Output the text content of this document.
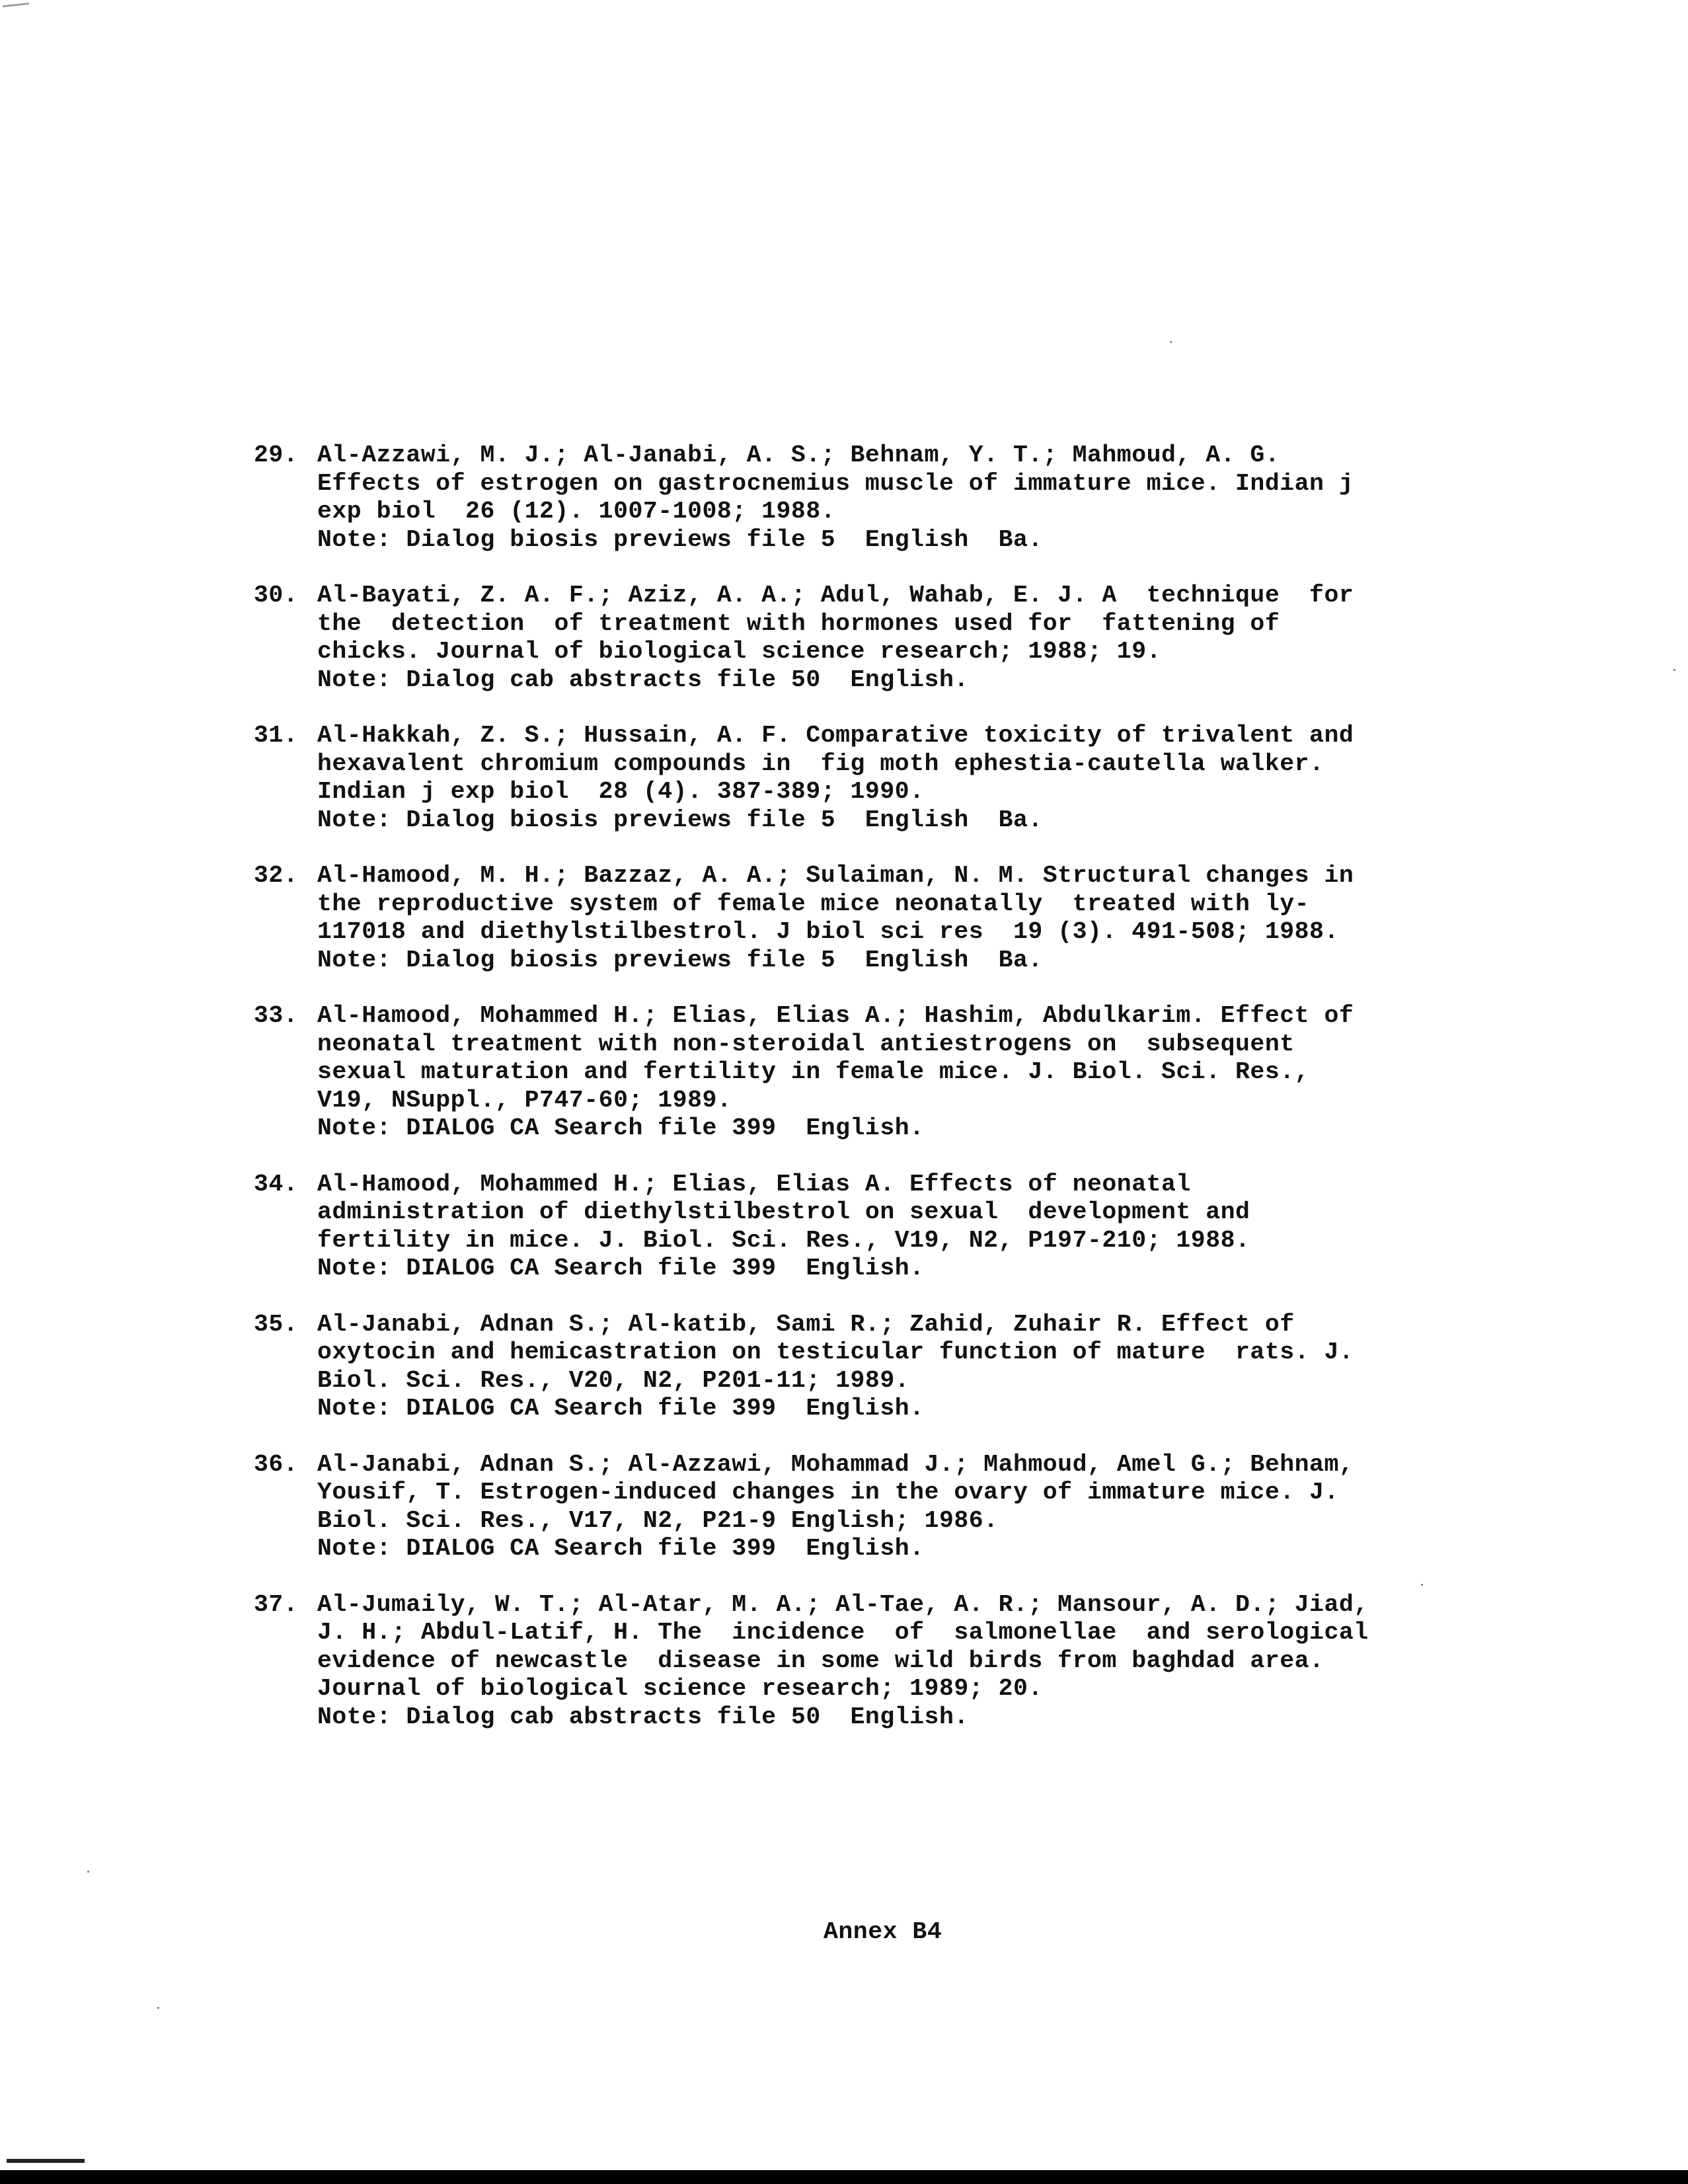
29. Al-Azzawi, M. J.; Al-Janabi, A. S.; Behnam, Y. T.; Mahmoud, A. G.
Effects of estrogen on gastrocnemius muscle of immature mice. Indian j
exp biol  26 (12). 1007-1008; 1988.
Note: Dialog biosis previews file 5  English  Ba.
30. Al-Bayati, Z. A. F.; Aziz, A. A.; Adul, Wahab, E. J. A  technique  for
the  detection  of treatment with hormones used for  fattening of
chicks. Journal of biological science research; 1988; 19.
Note: Dialog cab abstracts file 50  English.
31. Al-Hakkah, Z. S.; Hussain, A. F. Comparative toxicity of trivalent and
hexavalent chromium compounds in  fig moth ephestia-cautella walker.
Indian j exp biol  28 (4). 387-389; 1990.
Note: Dialog biosis previews file 5  English  Ba.
32. Al-Hamood, M. H.; Bazzaz, A. A.; Sulaiman, N. M. Structural changes in
the reproductive system of female mice neonatally  treated with ly-
117018 and diethylstilbestrol. J biol sci res  19 (3). 491-508; 1988.
Note: Dialog biosis previews file 5  English  Ba.
33. Al-Hamood, Mohammed H.; Elias, Elias A.; Hashim, Abdulkarim. Effect of
neonatal treatment with non-steroidal antiestrogens on  subsequent
sexual maturation and fertility in female mice. J. Biol. Sci. Res.,
V19, NSuppl., P747-60; 1989.
Note: DIALOG CA Search file 399  English.
34. Al-Hamood, Mohammed H.; Elias, Elias A. Effects of neonatal
administration of diethylstilbestrol on sexual  development and
fertility in mice. J. Biol. Sci. Res., V19, N2, P197-210; 1988.
Note: DIALOG CA Search file 399  English.
35. Al-Janabi, Adnan S.; Al-katib, Sami R.; Zahid, Zuhair R. Effect of
oxytocin and hemicastration on testicular function of mature  rats. J.
Biol. Sci. Res., V20, N2, P201-11; 1989.
Note: DIALOG CA Search file 399  English.
36. Al-Janabi, Adnan S.; Al-Azzawi, Mohammad J.; Mahmoud, Amel G.; Behnam,
Yousif, T. Estrogen-induced changes in the ovary of immature mice. J.
Biol. Sci. Res., V17, N2, P21-9 English; 1986.
Note: DIALOG CA Search file 399  English.
37. Al-Jumaily, W. T.; Al-Atar, M. A.; Al-Tae, A. R.; Mansour, A. D.; Jiad,
J. H.; Abdul-Latif, H. The  incidence  of  salmonellae  and serological
evidence of newcastle  disease in some wild birds from baghdad area.
Journal of biological science research; 1989; 20.
Note: Dialog cab abstracts file 50  English.
Annex B4
